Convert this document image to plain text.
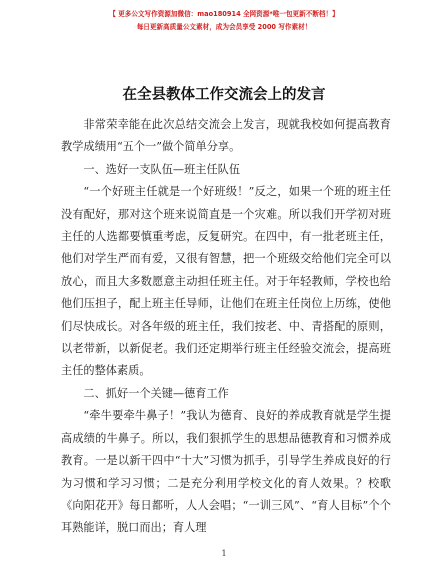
【 更多公文写作资源加微信：mao180914 全网资源*唯一包更新不断档！】
每日更新高质量公文素材，成为会员享受 2000 写作素材！
在全县教体工作交流会上的发言

非常荣幸能在此次总结交流会上发言，现就我校如何提高教育教学成绩用“五个一”做个简单分享。

一、选好一支队伍—班主任队伍

“一个好班主任就是一个好班级！”反之，如果一个班的班主任没有配好，那对这个班来说简直是一个灾难。所以我们开学初对班主任的人选都要慎重考虑，反复研究。在四中，有一批老班主任，他们对学生严而有爱，又很有智慧，把一个班级交给他们完全可以放心，而且大多数愿意主动担任班主任。对于年轻教师，学校也给他们压担子，配上班主任导师，让他们在班主任岗位上历练，使他们尽快成长。对各年级的班主任，我们按老、中、青搭配的原则，以老带新，以新促老。我们还定期举行班主任经验交流会，提高班主任的整体素质。

二、抓好一个关键—德育工作

“牵牛要牵牛鼻子！”我认为德育、良好的养成教育就是学生提高成绩的牛鼻子。所以，我们狠抓学生的思想品德教育和习惯养成教育。一是以新干四中“十大”习惯为抓手，引导学生养成良好的行为习惯和学习习惯；二是充分利用学校文化的育人效果。？校歌《向阳花开》每日都听，人人会唱；“一训三风”、“育人目标”个个耳熟能详，脱口而出；育人理

1
